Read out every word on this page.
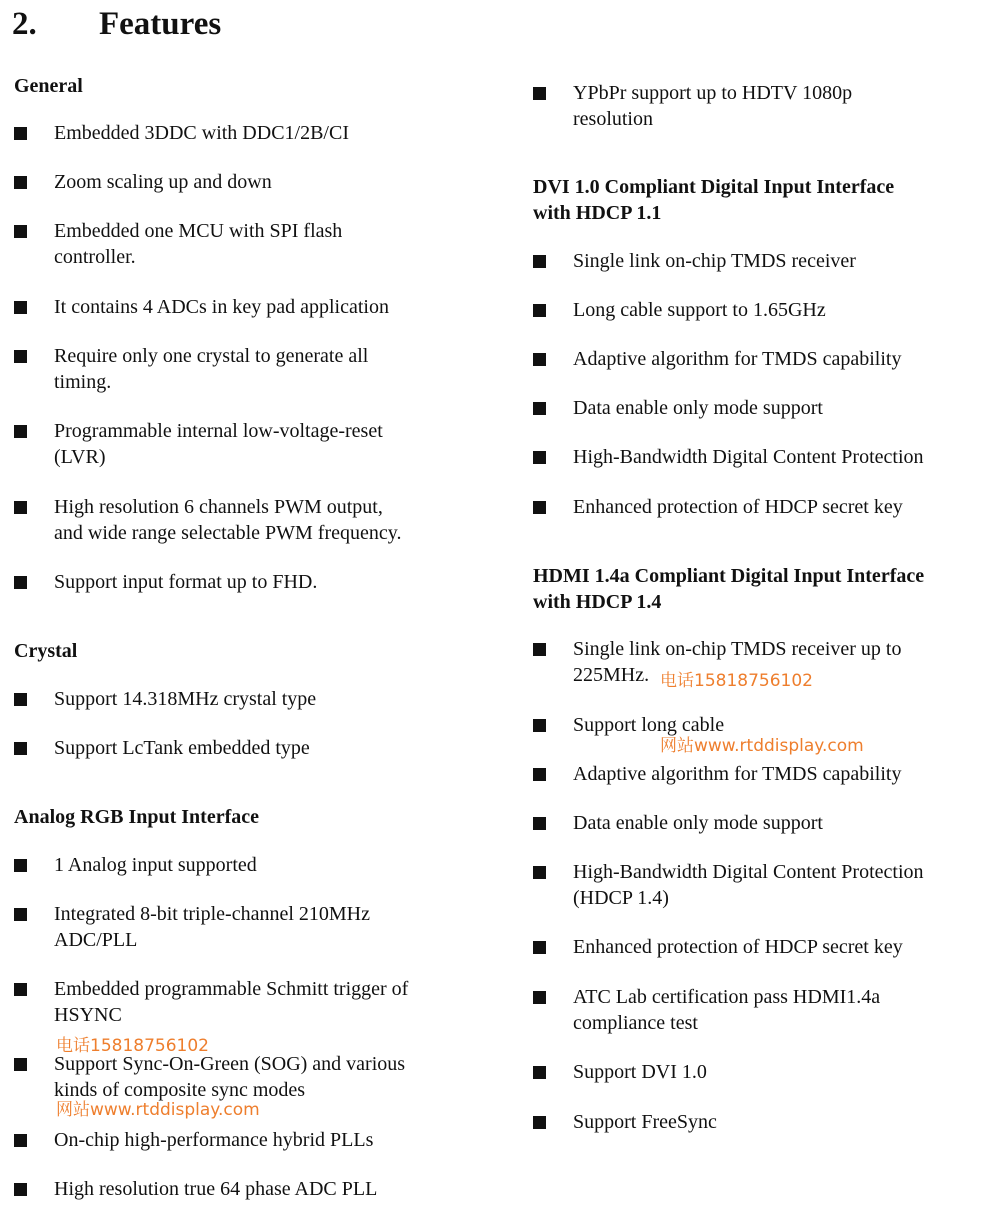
2.	Features
General
Embedded 3DDC with DDC1/2B/CI
Zoom scaling up and down
Embedded one MCU with SPI flash
controller.
It contains 4 ADCs in key pad application
Require only one crystal to generate all
timing.
Programmable internal low-voltage-reset
(LVR)
High resolution 6 channels PWM output,
and wide range selectable PWM frequency.
Support input format up to FHD.
Crystal
Support 14.318MHz crystal type
Support LcTank embedded type
Analog RGB Input Interface
1 Analog input supported
Integrated 8-bit triple-channel 210MHz
ADC/PLL
Embedded programmable Schmitt trigger of
HSYNC
Support Sync-On-Green (SOG) and various
kinds of composite sync modes
On-chip high-performance hybrid PLLs
High resolution true 64 phase ADC PLL
YPbPr support up to HDTV 1080p
resolution
DVI 1.0 Compliant Digital Input Interface
with HDCP 1.1
Single link on-chip TMDS receiver
Long cable support to 1.65GHz
Adaptive algorithm for TMDS capability
Data enable only mode support
High-Bandwidth Digital Content Protection
Enhanced protection of HDCP secret key
HDMI 1.4a Compliant Digital Input Interface
with HDCP 1.4
Single link on-chip TMDS receiver up to
225MHz.
Support long cable
Adaptive algorithm for TMDS capability
Data enable only mode support
High-Bandwidth Digital Content Protection
(HDCP 1.4)
Enhanced protection of HDCP secret key
ATC Lab certification pass HDMI1.4a
compliance test
Support DVI 1.0
Support FreeSync
电话15818756102
网站www.rtddisplay.com
电话15818756102
网站www.rtddisplay.com
